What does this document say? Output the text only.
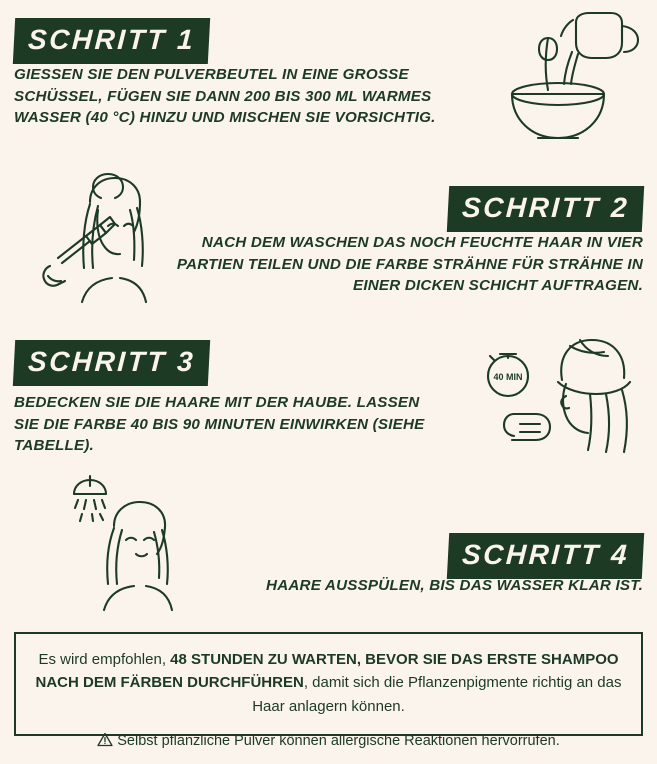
SCHRITT 1
GIESSEN SIE DEN PULVERBEUTEL IN EINE GROSSE SCHÜSSEL, FÜGEN SIE DANN 200 BIS 300 ML WARMES WASSER (40 °C) HINZU UND MISCHEN SIE VORSICHTIG.
SCHRITT 2
NACH DEM WASCHEN DAS NOCH FEUCHTE HAAR IN VIER PARTIEN TEILEN UND DIE FARBE STRÄHNE FÜR STRÄHNE IN EINER DICKEN SCHICHT AUFTRAGEN.
SCHRITT 3
BEDECKEN SIE DIE HAARE MIT DER HAUBE. LASSEN SIE DIE FARBE 40 BIS 90 MINUTEN EINWIRKEN (SIEHE TABELLE).
40 MIN
SCHRITT 4
HAARE AUSSPÜLEN, BIS DAS WASSER KLAR IST.
Es wird empfohlen, 48 STUNDEN ZU WARTEN, BEVOR SIE DAS ERSTE SHAMPOO NACH DEM FÄRBEN DURCHFÜHREN, damit sich die Pflanzenpigmente richtig an das Haar anlagern können.
Selbst pflanzliche Pulver können allergische Reaktionen hervorrufen.
